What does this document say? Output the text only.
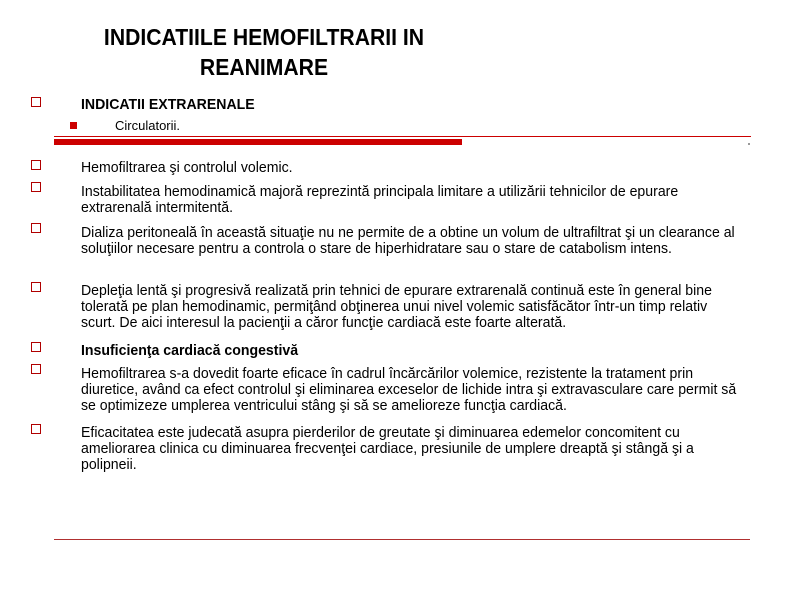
INDICATIILE HEMOFILTRARII IN
REANIMARE
INDICATII EXTRARENALE
Circulatorii.
Hemofiltrarea şi controlul volemic.
Instabilitatea hemodinamică majoră reprezintă principala limitare a utilizării tehnicilor de epurare extrarenală intermitentă.
Dializa peritoneală în această situaţie nu ne permite de a obtine un volum de ultrafiltrat şi un clearance al soluţiilor necesare pentru a controla o stare de hiperhidratare sau o stare de catabolism intens.
Depleţia lentă şi progresivă realizată prin tehnici de epurare extrarenală continuă este în general bine tolerată pe plan hemodinamic, permiţând obţinerea unui nivel volemic satisfăcător într-un timp relativ scurt. De aici interesul la pacienţii a căror funcţie cardiacă este foarte alterată.
Insuficienţa cardiacă congestivă
Hemofiltrarea s-a dovedit foarte eficace în cadrul încărcărilor volemice, rezistente la tratament prin diuretice, având ca efect controlul şi eliminarea exceselor de lichide intra şi extravasculare care permit să se optimizeze umplerea ventricului stâng şi să se amelioreze funcţia cardiacă.
Eficacitatea este judecată asupra pierderilor de greutate şi diminuarea edemelor concomitent cu ameliorarea clinica cu diminuarea frecvenţei cardiace, presiunile de umplere dreaptă şi stângă şi a polipneii.
